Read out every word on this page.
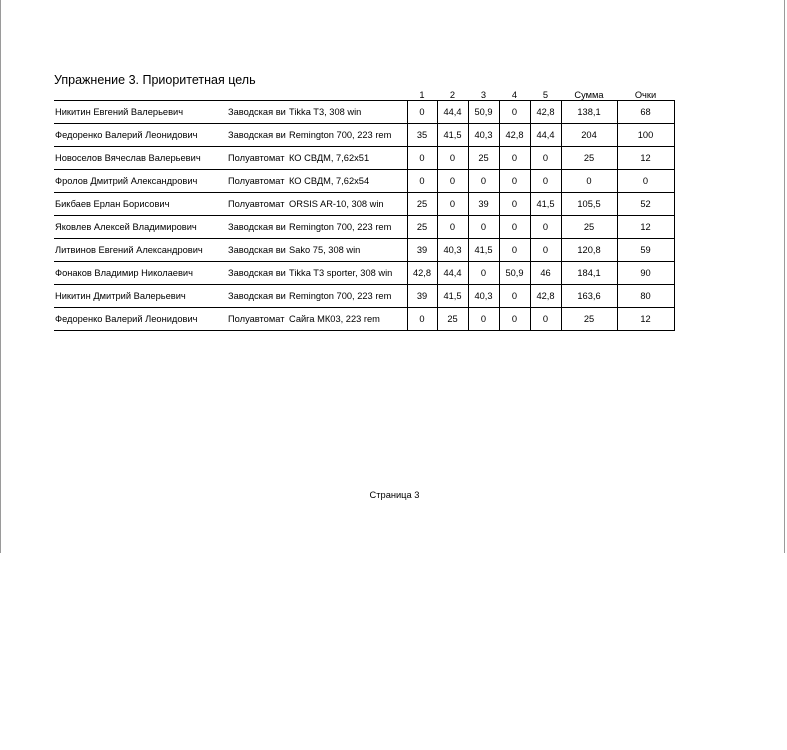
Упражнение 3. Приоритетная цель
		1	2	3	4	5	Сумма	Очки
Никитин Евгений Валерьевич	Заводская ви Tikka T3, 308 win	0	44,4	50,9	0	42,8	138,1	68
Федоренко Валерий Леонидович	Заводская ви Remington 700, 223 rem	35	41,5	40,3	42,8	44,4	204	100
Новоселов Вячеслав Валерьевич	Полуавтомат КО СВДМ, 7,62х51	0	0	25	0	0	25	12
Фролов Дмитрий Александрович	Полуавтомат КО СВДМ, 7,62х54	0	0	0	0	0	0	0
Бикбаев Ерлан Борисович	Полуавтомат ORSIS AR-10, 308 win	25	0	39	0	41,5	105,5	52
Яковлев Алексей Владимирович	Заводская ви Remington 700, 223 rem	25	0	0	0	0	25	12
Литвинов Евгений Александрович	Заводская ви Sako 75, 308 win	39	40,3	41,5	0	0	120,8	59
Фонаков Владимир Николаевич	Заводская ви Tikka T3 sporter, 308 win	42,8	44,4	0	50,9	46	184,1	90
Никитин Дмитрий Валерьевич	Заводская ви Remington 700, 223 rem	39	41,5	40,3	0	42,8	163,6	80
Федоренко Валерий Леонидович	Полуавтомат Сайга МК03, 223 rem	0	25	0	0	0	25	12
Страница 3
